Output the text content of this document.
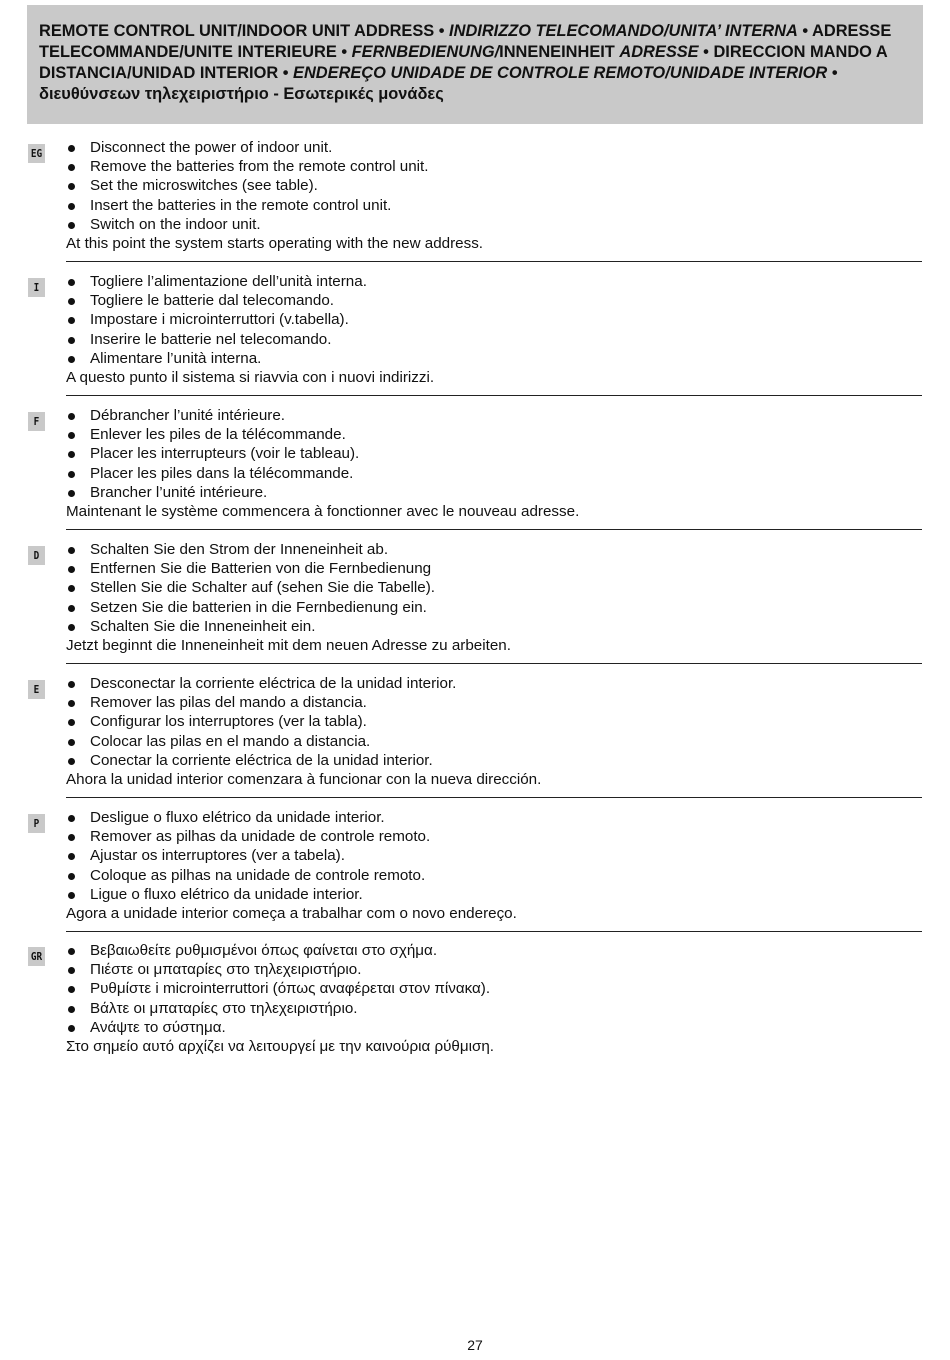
REMOTE CONTROL UNIT/INDOOR UNIT ADDRESS • INDIRIZZO TELECOMANDO/UNITA’ INTERNA • ADRESSE TELECOMMANDE/UNITE INTERIEURE • FERNBEDIENUNG/INNENEINHEIT ADRESSE • DIRECCION MANDO A DISTANCIA/UNIDAD INTERIOR • ENDEREÇO UNIDADE DE CONTROLE REMOTO/UNIDADE INTERIOR • διευθύνσεων τηλεχειριστήριο - Εσωτερικές μονάδες
EG	Disconnect the power of indoor unit.
Remove the batteries from the remote control unit.
Set the microswitches (see table).
Insert the batteries in the remote control unit.
Switch on the indoor unit.
At this point the system starts operating with the new address.
I	Togliere l’alimentazione dell’unità interna.
Togliere le batterie dal telecomando.
Impostare i microinterruttori (v.tabella).
Inserire le batterie nel telecomando.
Alimentare l’unità interna.
A questo punto il sistema si riavvia con i nuovi indirizzi.
F	Débrancher l’unité intérieure.
Enlever les piles de la télécommande.
Placer les interrupteurs (voir le tableau).
Placer les piles dans la télécommande.
Brancher l’unité intérieure.
Maintenant le système commencera à fonctionner avec le nouveau adresse.
D	Schalten Sie den Strom der Inneneinheit ab.
Entfernen Sie die Batterien von die Fernbedienung
Stellen Sie die Schalter auf (sehen Sie die Tabelle).
Setzen Sie die batterien in die Fernbedienung ein.
Schalten Sie die Inneneinheit ein.
Jetzt beginnt die Inneneinheit mit dem neuen Adresse zu arbeiten.
E	Desconectar la corriente eléctrica de la unidad interior.
Remover las pilas del mando a distancia.
Configurar los interruptores (ver la tabla).
Colocar las pilas en el mando a distancia.
Conectar la corriente eléctrica de la unidad interior.
Ahora la unidad interior comenzara à funcionar con la nueva dirección.
P	Desligue o fluxo elétrico da unidade interior.
Remover as pilhas da unidade de controle remoto.
Ajustar os interruptores (ver a tabela).
Coloque as pilhas na unidade de controle remoto.
Ligue o fluxo elétrico da unidade interior.
Agora a unidade interior começa a trabalhar com o novo endereço.
GR	Βεβαιωθείτε ρυθμισμένοι όπως φαίνεται στο σχήμα.
Πιέστε οι μπαταρίες στο τηλεχειριστήριο.
Ρυθμίστε i microinterruttori (όπως αναφέρεται στον πίνακα).
Βάλτε οι μπαταρίες στο τηλεχειριστήριο.
Ανάψτε το σύστημα.
Στο σημείο αυτό αρχίζει να λειτουργεί με την καινούρια ρύθμιση.
27
